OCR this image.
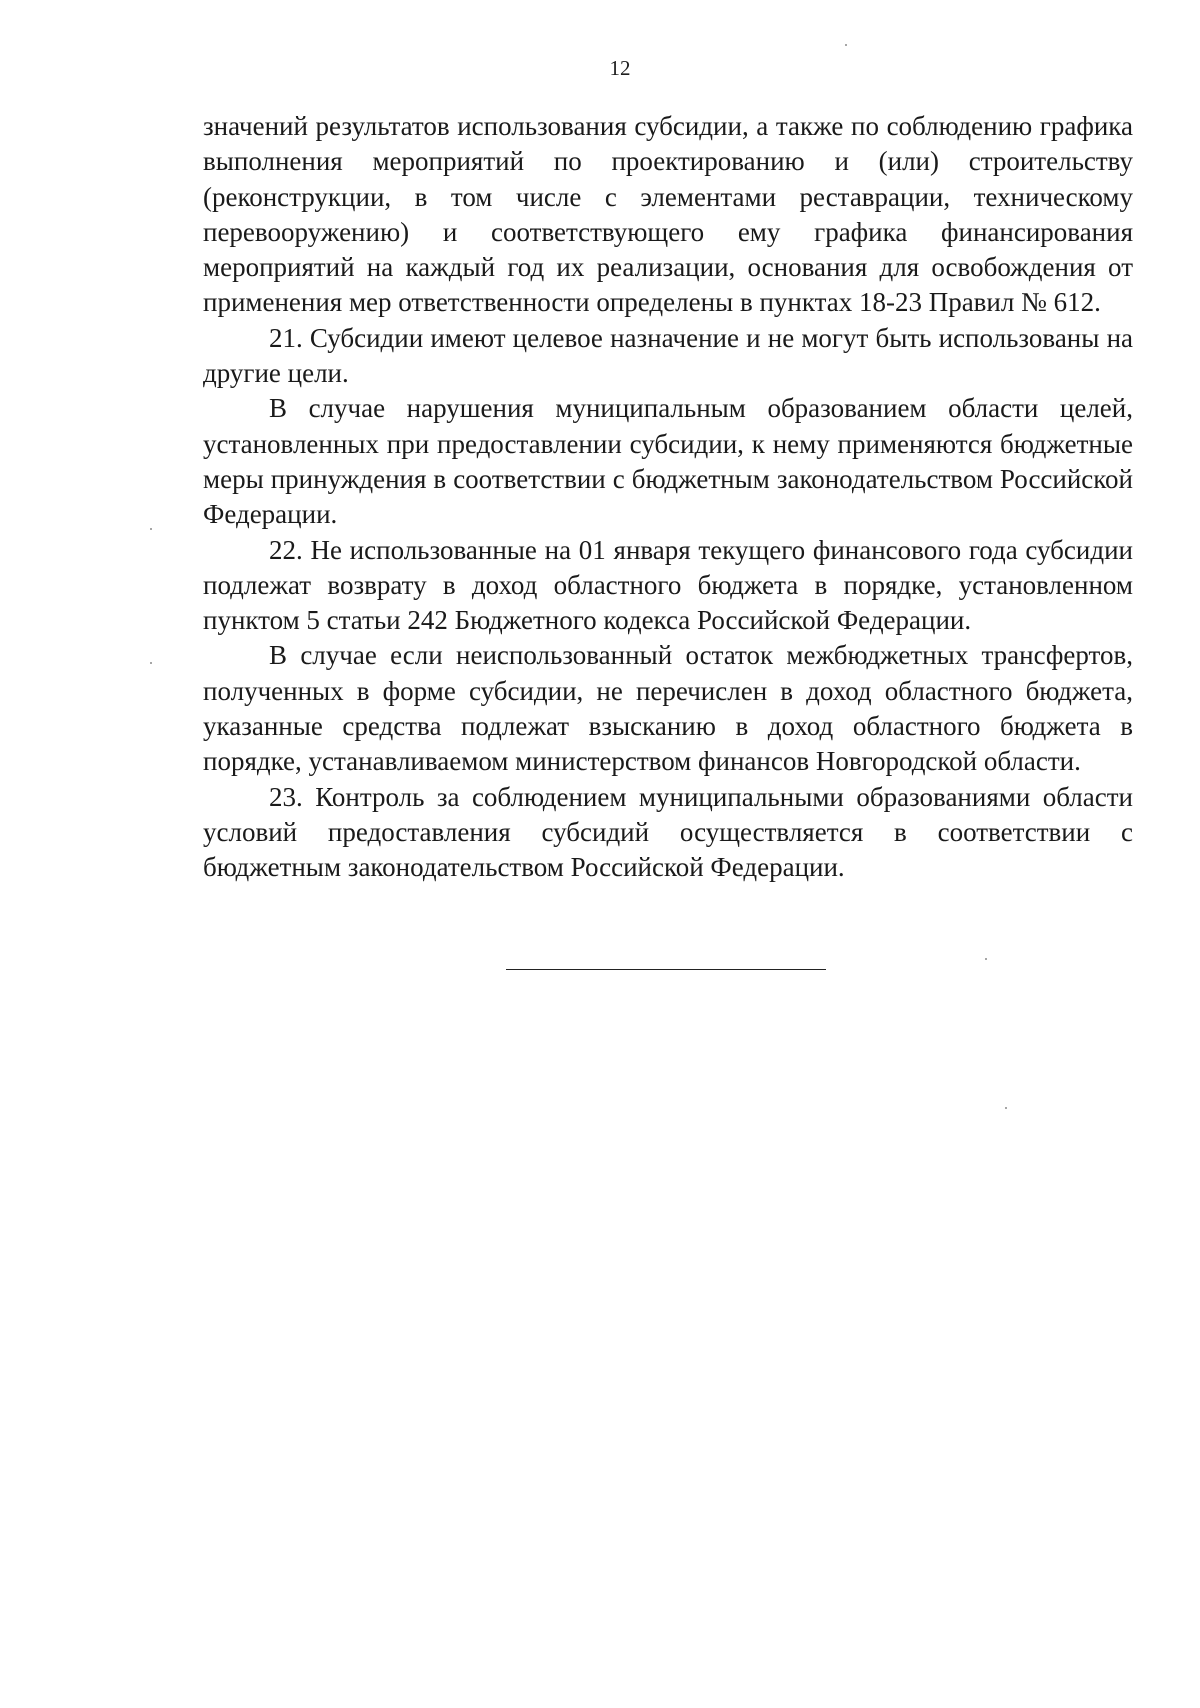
12

значений результатов использования субсидии, а также по соблюдению графика выполнения мероприятий по проектированию и (или) строительству (реконструкции, в том числе с элементами реставрации, техническому перевооружению) и соответствующего ему графика финансирования мероприятий на каждый год их реализации, основания для освобождения от применения мер ответственности определены в пунктах 18-23 Правил № 612.

21. Субсидии имеют целевое назначение и не могут быть использованы на другие цели.

В случае нарушения муниципальным образованием области целей, установленных при предоставлении субсидии, к нему применяются бюджетные меры принуждения в соответствии с бюджетным законодательством Российской Федерации.

22. Не использованные на 01 января текущего финансового года субсидии подлежат возврату в доход областного бюджета в порядке, установленном пунктом 5 статьи 242 Бюджетного кодекса Российской Федерации.

В случае если неиспользованный остаток межбюджетных трансфертов, полученных в форме субсидии, не перечислен в доход областного бюджета, указанные средства подлежат взысканию в доход областного бюджета в порядке, устанавливаемом министерством финансов Новгородской области.

23. Контроль за соблюдением муниципальными образованиями области условий предоставления субсидий осуществляется в соответствии с бюджетным законодательством Российской Федерации.
